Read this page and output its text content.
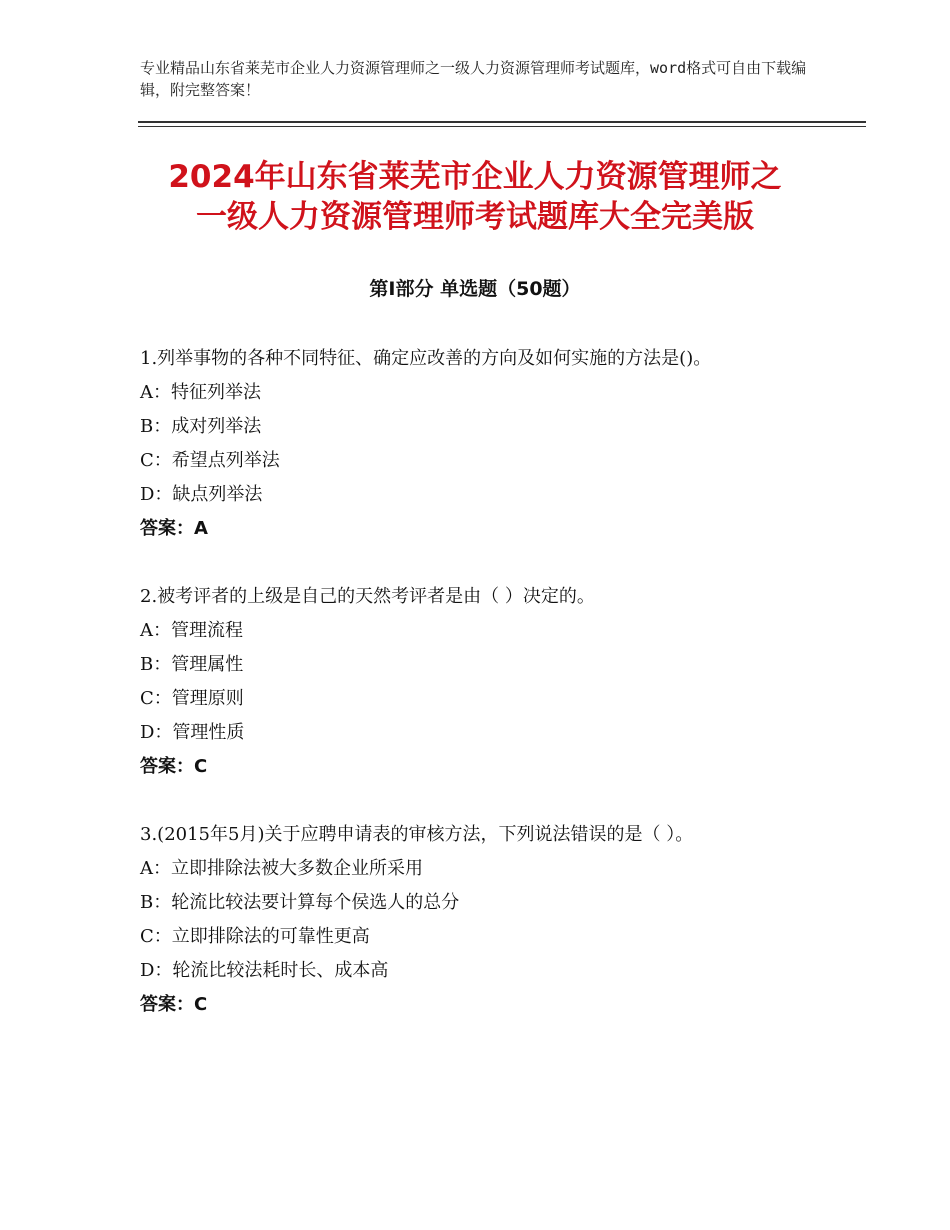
专业精品山东省莱芜市企业人力资源管理师之一级人力资源管理师考试题库，word格式可自由下载编辑，附完整答案！
2024年山东省莱芜市企业人力资源管理师之
一级人力资源管理师考试题库大全完美版
第Ⅰ部分 单选题（50题）

1.列举事物的各种不同特征、确定应改善的方向及如何实施的方法是()。

A：特征列举法

B：成对列举法

C：希望点列举法

D：缺点列举法

答案：A

2.被考评者的上级是自己的天然考评者是由（ ）决定的。

A：管理流程

B：管理属性

C：管理原则

D：管理性质

答案：C

3.(2015年5月)关于应聘申请表的审核方法，下列说法错误的是（ ）。

A：立即排除法被大多数企业所采用

B：轮流比较法要计算每个侯选人的总分

C：立即排除法的可靠性更高

D：轮流比较法耗时长、成本高

答案：C
